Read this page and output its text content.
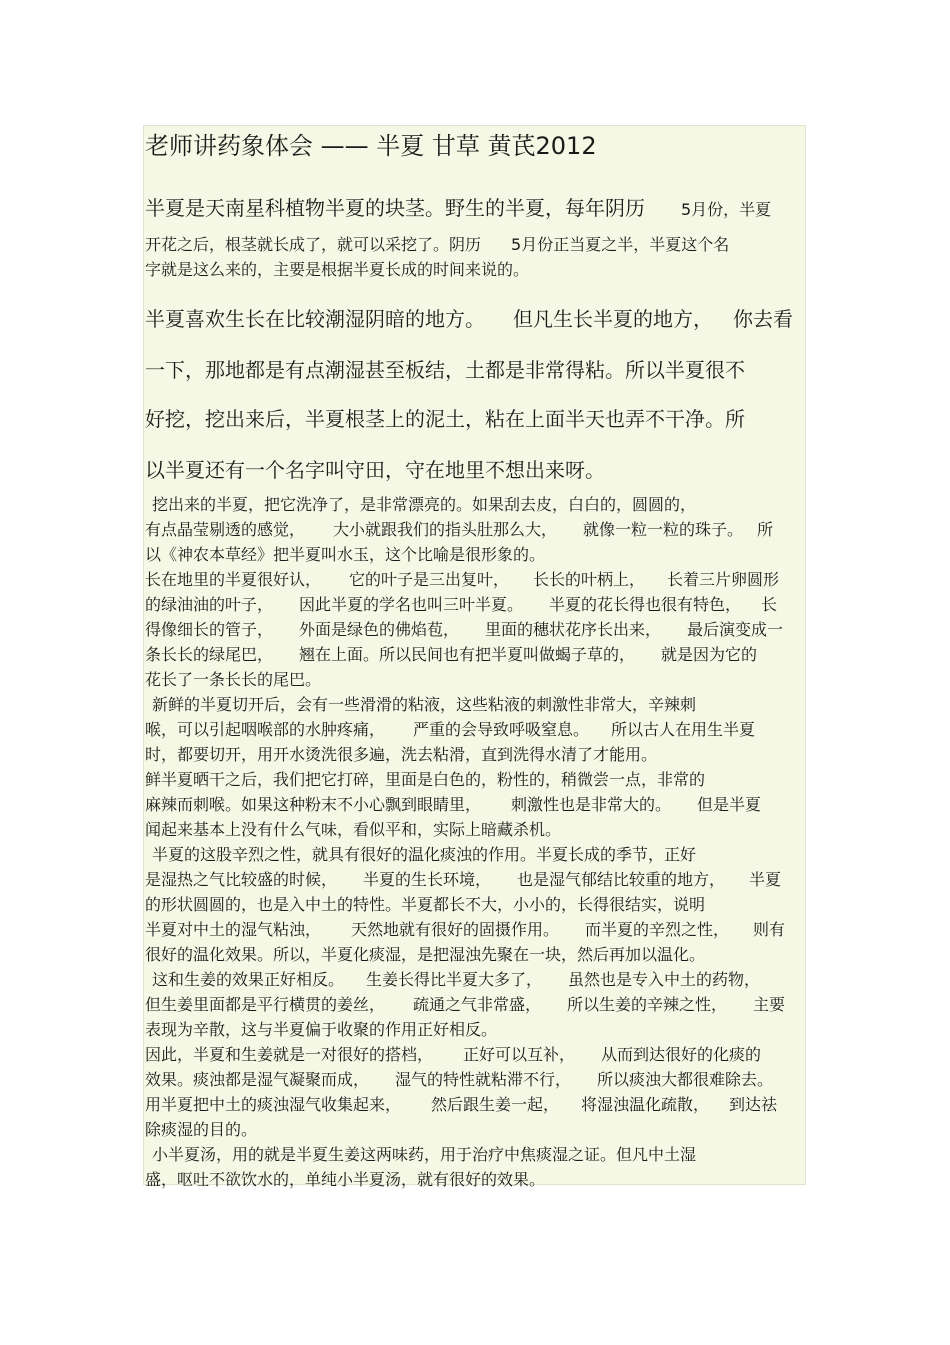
老师讲药象体会 —— 半夏 甘草 黄芪2012
半夏是天南星科植物半夏的块茎。野生的半夏，每年阴历 5月份，半夏
开花之后，根茎就长成了，就可以采挖了。阴历 5月份正当夏之半，半夏这个名
字就是这么来的，主要是根据半夏长成的时间来说的。
半夏喜欢生长在比较潮湿阴暗的地方。 但凡生长半夏的地方， 你去看
一下，那地都是有点潮湿甚至板结，土都是非常得粘。所以半夏很不
好挖，挖出来后，半夏根茎上的泥土，粘在上面半天也弄不干净。所
以半夏还有一个名字叫守田，守在地里不想出来呀。
挖出来的半夏，把它洗净了，是非常漂亮的。如果刮去皮，白白的，圆圆的，
有点晶莹剔透的感觉， 大小就跟我们的指头肚那么大， 就像一粒一粒的珠子。 所
以《神农本草经》把半夏叫水玉，这个比喻是很形象的。
长在地里的半夏很好认， 它的叶子是三出复叶， 长长的叶柄上， 长着三片卵圆形
的绿油油的叶子， 因此半夏的学名也叫三叶半夏。 半夏的花长得也很有特色， 长
得像细长的管子， 外面是绿色的佛焰苞， 里面的穗状花序长出来， 最后演变成一
条长长的绿尾巴， 翘在上面。所以民间也有把半夏叫做蝎子草的， 就是因为它的
花长了一条长长的尾巴。
新鲜的半夏切开后，会有一些滑滑的粘液，这些粘液的刺激性非常大，辛辣刺
喉，可以引起咽喉部的水肿疼痛， 严重的会导致呼吸窒息。 所以古人在用生半夏
时，都要切开，用开水烫洗很多遍，洗去粘滑，直到洗得水清了才能用。
鲜半夏晒干之后，我们把它打碎，里面是白色的，粉性的，稍微尝一点，非常的
麻辣而刺喉。如果这种粉末不小心飘到眼睛里， 刺激性也是非常大的。 但是半夏
闻起来基本上没有什么气味，看似平和，实际上暗藏杀机。
半夏的这股辛烈之性，就具有很好的温化痰浊的作用。半夏长成的季节，正好
是湿热之气比较盛的时候， 半夏的生长环境， 也是湿气郁结比较重的地方， 半夏
的形状圆圆的，也是入中土的特性。半夏都长不大，小小的，长得很结实，说明
半夏对中土的湿气粘浊， 天然地就有很好的固摄作用。 而半夏的辛烈之性， 则有
很好的温化效果。所以，半夏化痰湿，是把湿浊先聚在一块，然后再加以温化。
这和生姜的效果正好相反。 生姜长得比半夏大多了， 虽然也是专入中土的药物，
但生姜里面都是平行横贯的姜丝， 疏通之气非常盛， 所以生姜的辛辣之性， 主要
表现为辛散，这与半夏偏于收聚的作用正好相反。
因此，半夏和生姜就是一对很好的搭档， 正好可以互补， 从而到达很好的化痰的
效果。痰浊都是湿气凝聚而成， 湿气的特性就粘滞不行， 所以痰浊大都很难除去。
用半夏把中土的痰浊湿气收集起来， 然后跟生姜一起， 将湿浊温化疏散， 到达祛
除痰湿的目的。
小半夏汤，用的就是半夏生姜这两味药，用于治疗中焦痰湿之证。但凡中土湿
盛，呕吐不欲饮水的，单纯小半夏汤，就有很好的效果。
